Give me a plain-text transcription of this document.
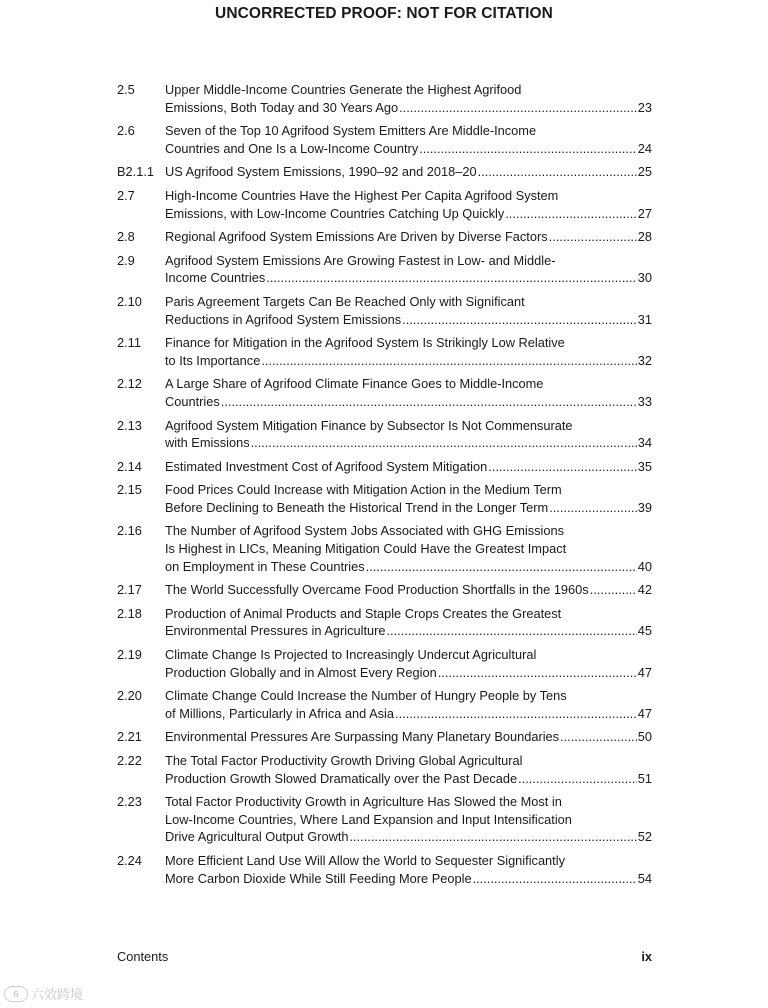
UNCORRECTED PROOF: NOT FOR CITATION
2.5	Upper Middle-Income Countries Generate the Highest Agrifood
Emissions, Both Today and 30 Years Ago .....	23
2.6	Seven of the Top 10 Agrifood System Emitters Are Middle-Income
Countries and One Is a Low-Income Country .....	24
B2.1.1 US Agrifood System Emissions, 1990–92 and 2018–20 .....	25
2.7	High-Income Countries Have the Highest Per Capita Agrifood System
Emissions, with Low-Income Countries Catching Up Quickly .....	27
2.8	Regional Agrifood System Emissions Are Driven by Diverse Factors .....	28
2.9	Agrifood System Emissions Are Growing Fastest in Low- and Middle-
Income Countries .....	30
2.10	Paris Agreement Targets Can Be Reached Only with Significant
Reductions in Agrifood System Emissions .....	31
2.11	Finance for Mitigation in the Agrifood System Is Strikingly Low Relative
to Its Importance .....	32
2.12	A Large Share of Agrifood Climate Finance Goes to Middle-Income
Countries .....	33
2.13	Agrifood System Mitigation Finance by Subsector Is Not Commensurate
with Emissions .....	34
2.14	Estimated Investment Cost of Agrifood System Mitigation .....	35
2.15	Food Prices Could Increase with Mitigation Action in the Medium Term
Before Declining to Beneath the Historical Trend in the Longer Term .....	39
2.16	The Number of Agrifood System Jobs Associated with GHG Emissions
Is Highest in LICs, Meaning Mitigation Could Have the Greatest Impact
on Employment in These Countries .....	40
2.17	The World Successfully Overcame Food Production Shortfalls in the 1960s .....	42
2.18	Production of Animal Products and Staple Crops Creates the Greatest
Environmental Pressures in Agriculture .....	45
2.19	Climate Change Is Projected to Increasingly Undercut Agricultural
Production Globally and in Almost Every Region .....	47
2.20	Climate Change Could Increase the Number of Hungry People by Tens
of Millions, Particularly in Africa and Asia .....	47
2.21	Environmental Pressures Are Surpassing Many Planetary Boundaries .....	50
2.22	The Total Factor Productivity Growth Driving Global Agricultural
Production Growth Slowed Dramatically over the Past Decade .....	51
2.23	Total Factor Productivity Growth in Agriculture Has Slowed the Most in
Low-Income Countries, Where Land Expansion and Input Intensification
Drive Agricultural Output Growth .....	52
2.24	More Efficient Land Use Will Allow the World to Sequester Significantly
More Carbon Dioxide While Still Feeding More People .....	54
Contents	ix
6 六效跨境
